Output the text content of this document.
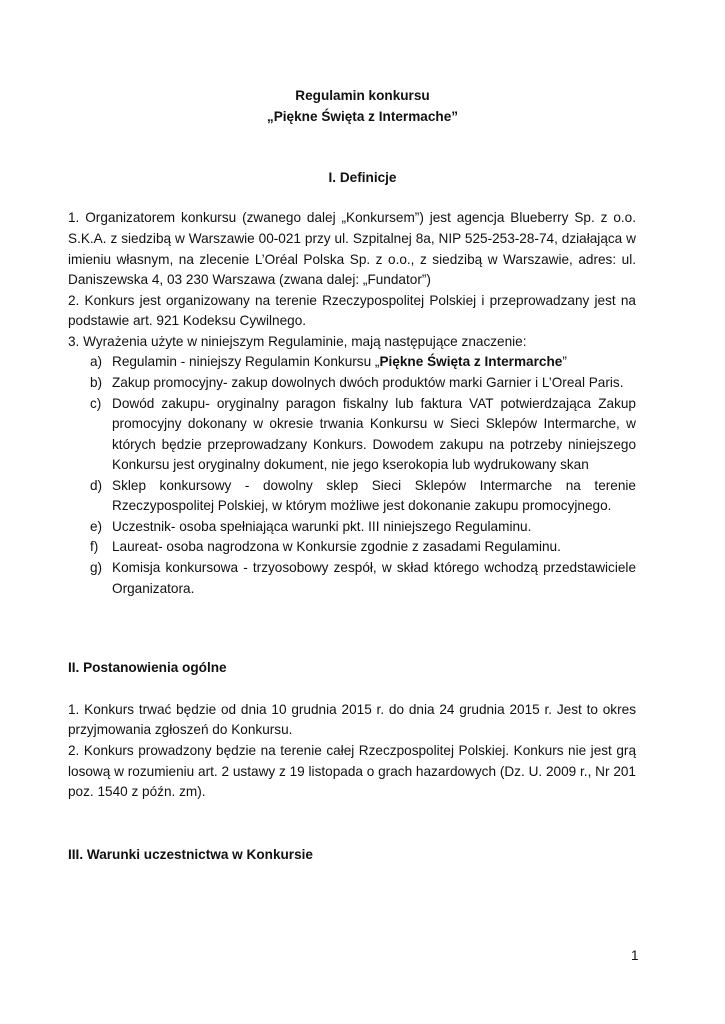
Regulamin konkursu
„Piękne Święta z Intermache”
I. Definicje
1. Organizatorem konkursu (zwanego dalej „Konkursem”) jest agencja Blueberry Sp. z o.o.
S.K.A. z siedzibą w Warszawie 00-021 przy ul. Szpitalnej 8a, NIP 525-253-28-74, działająca w
imieniu własnym, na zlecenie L’Oréal Polska Sp. z o.o., z siedzibą w Warszawie, adres: ul.
Daniszewska 4, 03 230 Warszawa (zwana dalej: „Fundator”)
2. Konkurs jest organizowany na terenie Rzeczypospolitej Polskiej i przeprowadzany jest na
podstawie art. 921 Kodeksu Cywilnego.
3. Wyrażenia użyte w niniejszym Regulaminie, mają następujące znaczenie:
a) Regulamin - niniejszy Regulamin Konkursu „Piękne Święta z Intermarche”
b) Zakup promocyjny- zakup dowolnych dwóch produktów marki Garnier i L’Oreal Paris.
c) Dowód zakupu- oryginalny paragon fiskalny lub faktura VAT potwierdzająca Zakup
promocyjny dokonany w okresie trwania Konkursu w Sieci Sklepów Intermarche, w
których będzie przeprowadzany Konkurs. Dowodem zakupu na potrzeby niniejszego
Konkursu jest oryginalny dokument, nie jego kserokopia lub wydrukowany skan
d) Sklep konkursowy - dowolny sklep Sieci Sklepów Intermarche na terenie
Rzeczypospolitej Polskiej, w którym możliwe jest dokonanie zakupu promocyjnego.
e) Uczestnik- osoba spełniająca warunki pkt. III niniejszego Regulaminu.
f) Laureat- osoba nagrodzona w Konkursie zgodnie z zasadami Regulaminu.
g) Komisja konkursowa - trzyosobowy zespół, w skład którego wchodzą przedstawiciele
Organizatora.
II. Postanowienia ogólne
1. Konkurs trwać będzie od dnia 10 grudnia 2015 r. do dnia 24 grudnia 2015 r. Jest to okres
przyjmowania zgłoszeń do Konkursu.
2. Konkurs prowadzony będzie na terenie całej Rzeczpospolitej Polskiej. Konkurs nie jest grą
losową w rozumieniu art. 2 ustawy z 19 listopada o grach hazardowych (Dz. U. 2009 r., Nr 201
poz. 1540 z późn. zm).
III. Warunki uczestnictwa w Konkursie
1
